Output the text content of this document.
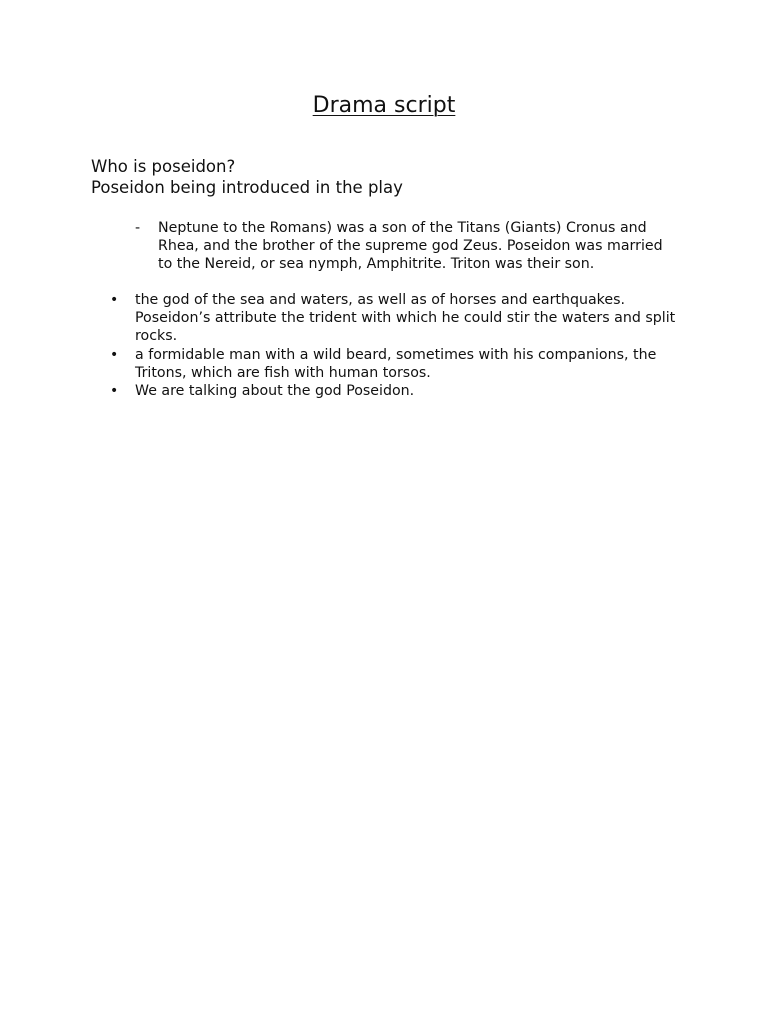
Drama script
Who is poseidon?
Poseidon being introduced in the play
- Neptune to the Romans) was a son of the Titans (Giants) Cronus and Rhea, and the brother of the supreme god Zeus. Poseidon was married to the Nereid, or sea nymph, Amphitrite. Triton was their son.
• the god of the sea and waters, as well as of horses and earthquakes. Poseidon’s attribute the trident with which he could stir the waters and split rocks.
• a formidable man with a wild beard, sometimes with his companions, the Tritons, which are fish with human torsos.
• We are talking about the god Poseidon.
